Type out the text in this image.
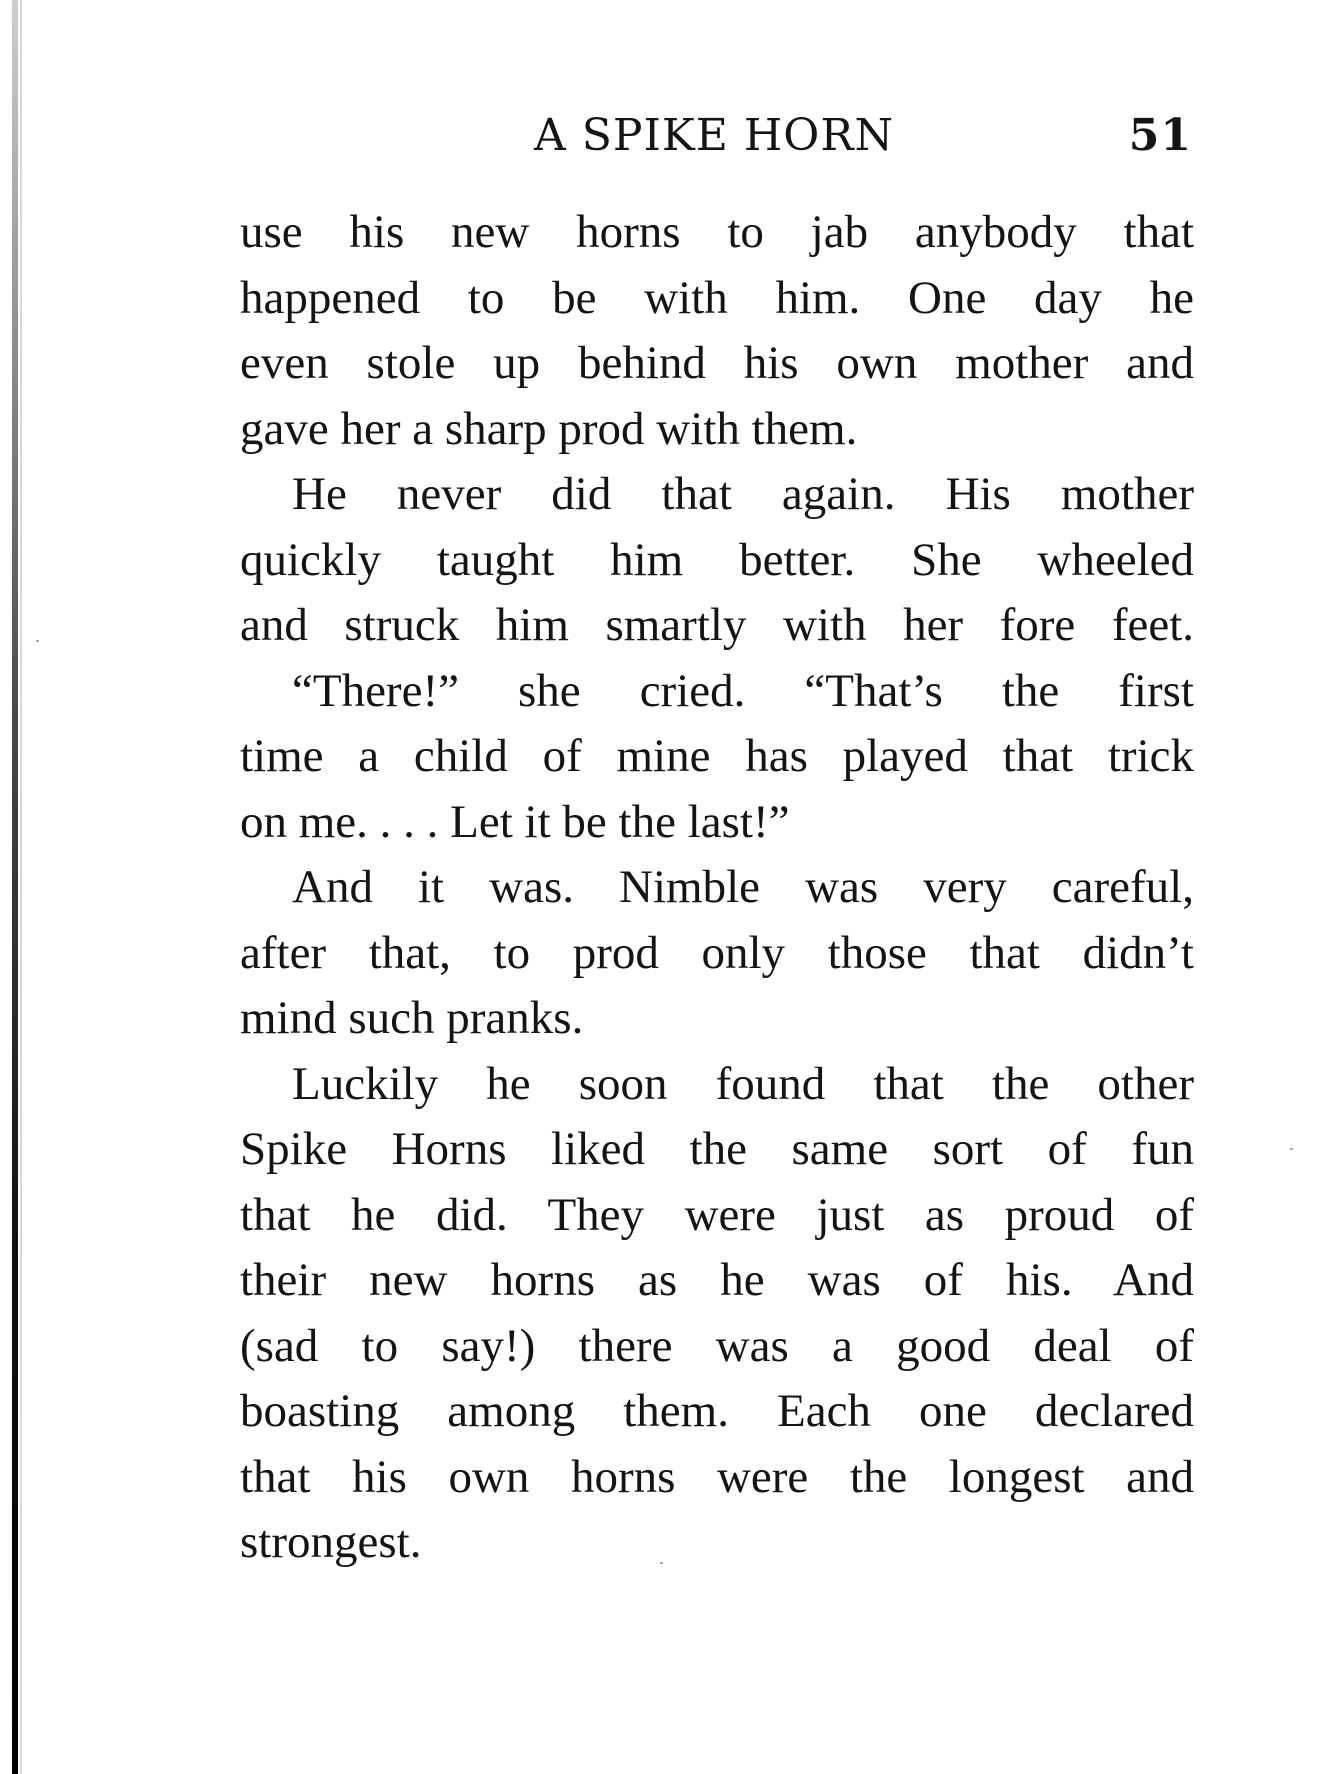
A SPIKE HORN	51
use his new horns to jab anybody that
happened to be with him. One day he
even stole up behind his own mother and
gave her a sharp prod with them.
He never did that again. His mother
quickly taught him better. She wheeled
and struck him smartly with her fore feet.
“There!” she cried. “That’s the first
time a child of mine has played that trick
on me. . . . Let it be the last!”
And it was. Nimble was very careful,
after that, to prod only those that didn’t
mind such pranks.
Luckily he soon found that the other
Spike Horns liked the same sort of fun
that he did. They were just as proud of
their new horns as he was of his. And
(sad to say!) there was a good deal of
boasting among them. Each one declared
that his own horns were the longest and
strongest.
